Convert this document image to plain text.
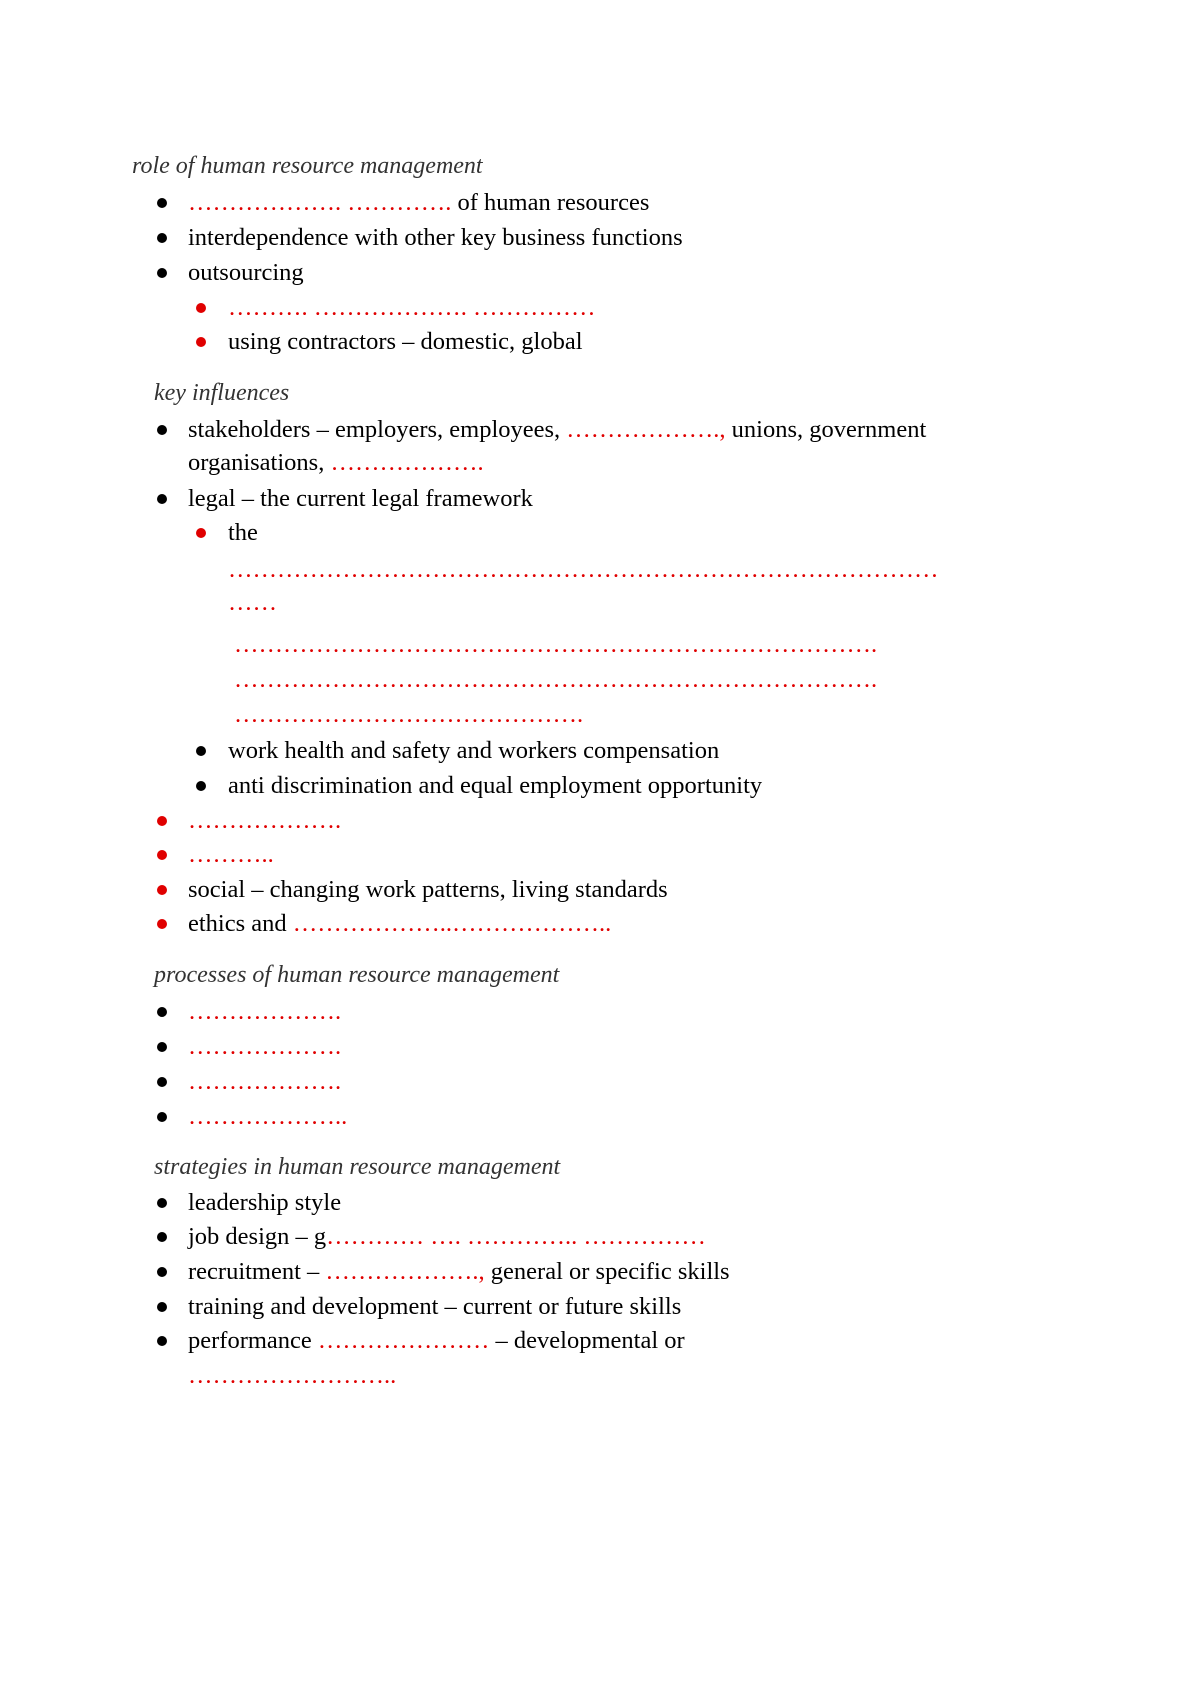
role of human resource management
………………. …………. of human resources
interdependence with other key business functions
outsourcing
………. ………………. ……………
using contractors – domestic, global
key influences
stakeholders – employers, employees, ………………., unions, government
organisations, ……………….
legal – the current legal framework
the
……………………………………………………………………………
……
…………………………………………………………………….
…………………………………………………………………….
…………………………………….
work health and safety and workers compensation
anti discrimination and equal employment opportunity
……………….
………..
social – changing work patterns, living standards
ethics and ………………..………………..
processes of human resource management
……………….
……………….
……………….
………………..
strategies in human resource management
leadership style
job design – g………… …. ………….. ……………
recruitment – ………………., general or specific skills
training and development – current or future skills
performance ………………… – developmental or
……………………..
